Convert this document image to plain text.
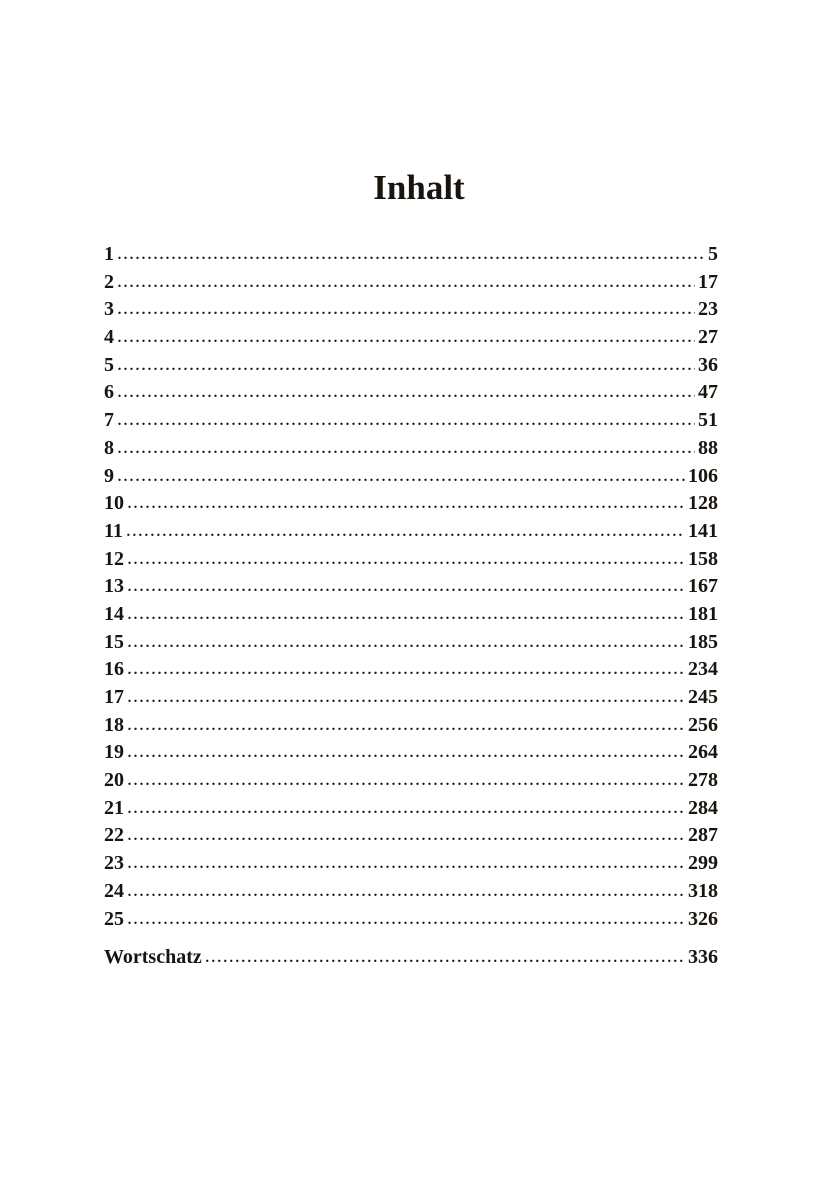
Inhalt
1 .....	5
2 .....	17
3 .....	23
4 .....	27
5 .....	36
6 .....	47
7 .....	51
8 .....	88
9 .....	106
10 .....	128
11 .....	141
12 .....	158
13 .....	167
14 .....	181
15 .....	185
16 .....	234
17 .....	245
18 .....	256
19 .....	264
20 .....	278
21 .....	284
22 .....	287
23 .....	299
24 .....	318
25 .....	326
Wortschatz .....	336
